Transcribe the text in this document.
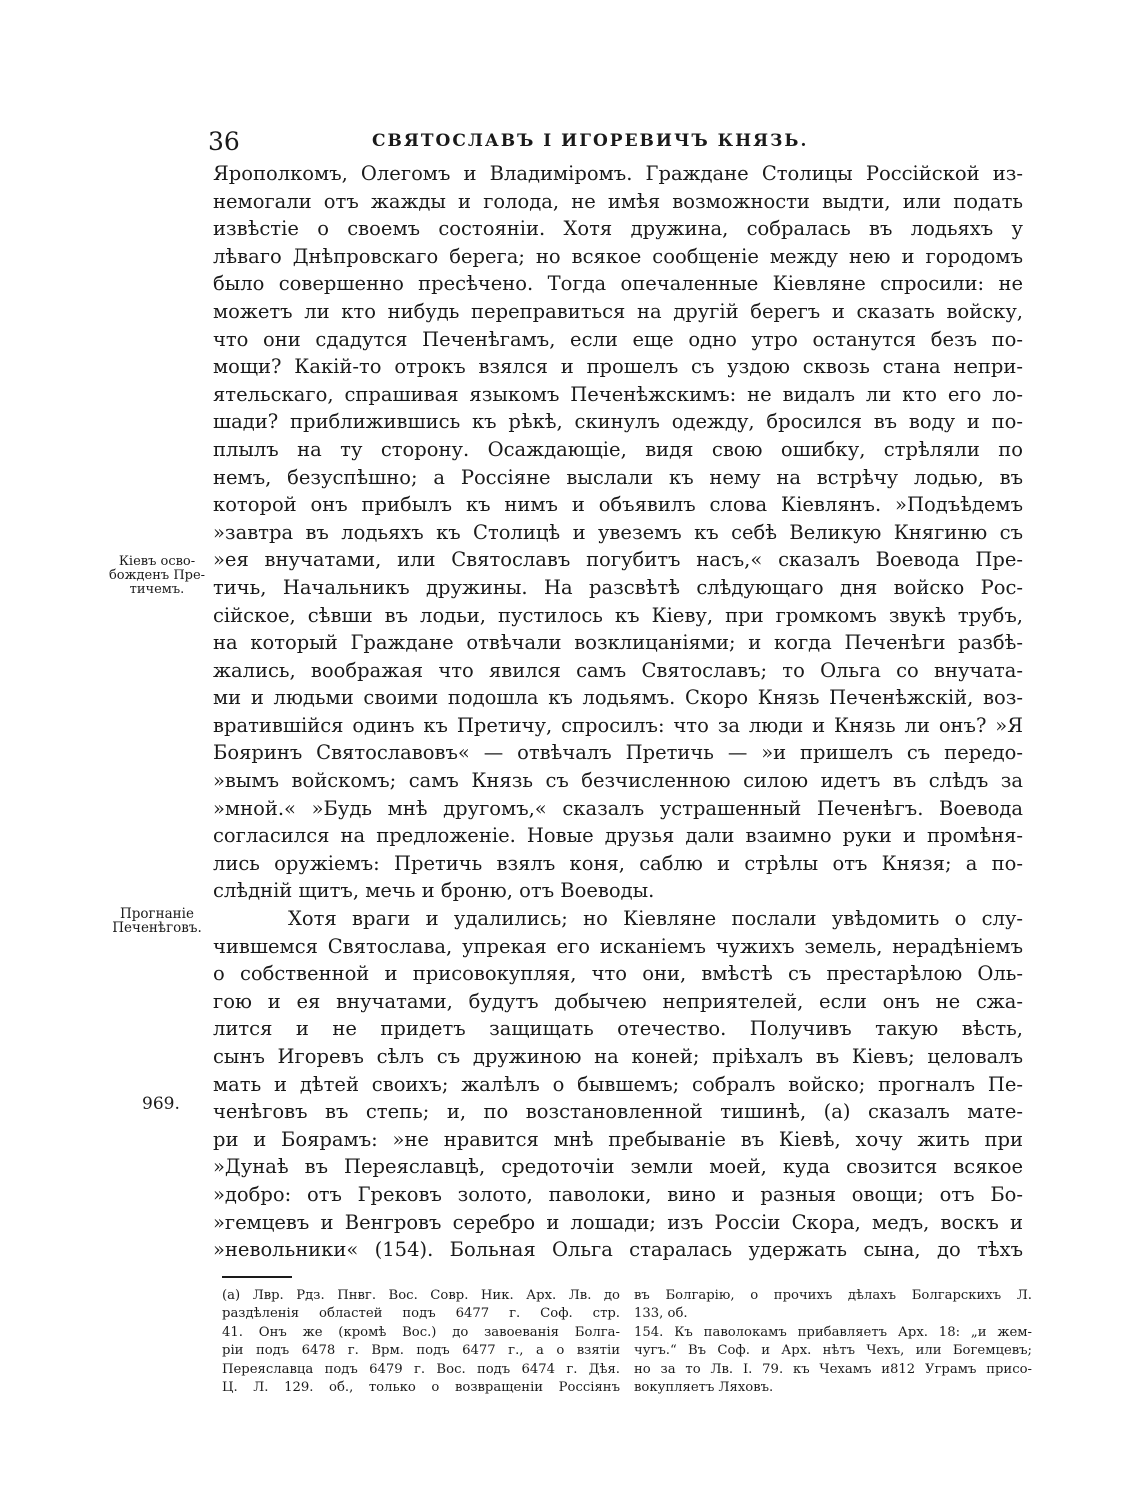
36	СВЯТОСЛАВЪ I ИГОРЕВИЧЪ КНЯЗЬ.
Ярополкомъ, Олегомъ и Владиміромъ. Граждане Столицы Россійской из-
немогали отъ жажды и голода, не имѣя возможности выдти, или подать
извѣстіе о своемъ состояніи. Хотя дружина, собралась въ лодьяхъ у
лѣваго Днѣпровскаго берега; но всякое сообщеніе между нею и городомъ
было совершенно пресѣчено. Тогда опечаленные Кіевляне спросили: не
можетъ ли кто нибудь переправиться на другій берегъ и сказать войску,
что они сдадутся Печенѣгамъ, если еще одно утро останутся безъ по-
мощи? Какій-то отрокъ взялся и прошелъ съ уздою сквозь стана непри-
ятельскаго, спрашивая языкомъ Печенѣжскимъ: не видалъ ли кто его ло-
шади? приближившись къ рѣкѣ, скинулъ одежду, бросился въ воду и по-
плылъ на ту сторону. Осаждающіе, видя свою ошибку, стрѣляли по
немъ, безуспѣшно; а Россіяне выслали къ нему на встрѣчу лодью, въ
которой онъ прибылъ къ нимъ и объявилъ слова Кіевлянъ. »Подъѣдемъ
»завтра въ лодьяхъ къ Столицѣ и увеземъ къ себѣ Великую Княгиню съ
»ея внучатами, или Святославъ погубитъ насъ,« сказалъ Воевода Пре-
тичь, Начальникъ дружины. На разсвѣтѣ слѣдующаго дня войско Рос-
сійское, сѣвши въ лодьи, пустилось къ Кіеву, при громкомъ звукѣ трубъ,
на который Граждане отвѣчали возклицаніями; и когда Печенѣги разбѣ-
жались, воображая что явился самъ Святославъ; то Ольга со внучата-
ми и людьми своими подошла къ лодьямъ. Скоро Князь Печенѣжскій, воз-
вратившійся одинъ къ Претичу, спросилъ: что за люди и Князь ли онъ? »Я
Бояринъ Святославовъ« — отвѣчалъ Претичь — »и пришелъ съ передо-
»вымъ войскомъ; самъ Князь съ безчисленною силою идетъ въ слѣдъ за
»мной.« »Будь мнѣ другомъ,« сказалъ устрашенный Печенѣгъ. Воевода
согласился на предложеніе. Новые друзья дали взаимно руки и промѣня-
лись оружіемъ: Претичь взялъ коня, саблю и стрѣлы отъ Князя; а по-
слѣдній щитъ, мечь и броню, отъ Воеводы.
Хотя враги и удалились; но Кіевляне послали увѣдомить о слу-
чившемся Святослава, упрекая его исканіемъ чужихъ земель, нерадѣніемъ
о собственной и присовокупляя, что они, вмѣстѣ съ престарѣлою Оль-
гою и ея внучатами, будутъ добычею неприятелей, если онъ не сжа-
лится и не придетъ защищать отечество. Получивъ такую вѣсть,
сынъ Игоревъ сѣлъ съ дружиною на коней; пріѣхалъ въ Кіевъ; целовалъ
мать и дѣтей своихъ; жалѣлъ о бывшемъ; собралъ войско; прогналъ Пе-
ченѣговъ въ степь; и, по возстановленной тишинѣ, (а) сказалъ мате-
ри и Боярамъ: »не нравится мнѣ пребываніе въ Кіевѣ, хочу жить при
»Дунаѣ въ Переяславцѣ, средоточіи земли моей, куда свозится всякое
»добро: отъ Грековъ золото, паволоки, вино и разныя овощи; отъ Бо-
»гемцевъ и Венгровъ серебро и лошади; изъ Россіи Скора, медъ, воскъ и
»невольники« (154). Больная Ольга старалась удержать сына, до тѣхъ
Кіевъ осво-
божденъ Пре-
тичемъ.
Прогнаніе
Печенѣговъ.
969.
(а) Лвр. Рдз. Пнвг. Вос. Совр. Ник. Арх. Лв. до
раздѣленія областей подъ 6477 г. Соф. стр.
41. Онъ же (кромѣ Вос.) до завоеванія Болга-
ріи подъ 6478 г. Врм. подъ 6477 г., а о взятіи
Переяславца подъ 6479 г. Вос. подъ 6474 г. Дѣя.
Ц. Л. 129. об., только о возвращеніи Россіянъ
въ Болгарію, о прочихъ дѣлахъ Болгарскихъ Л.
133, об.
154. Къ паволокамъ прибавляетъ Арх. 18: „и жем-
чугъ.“ Въ Соф. и Арх. нѣтъ Чехъ, или Богемцевъ;
но за то Лв. I. 79. къ Чехамъ и812 Уграмъ присо-
вокупляетъ Ляховъ.
